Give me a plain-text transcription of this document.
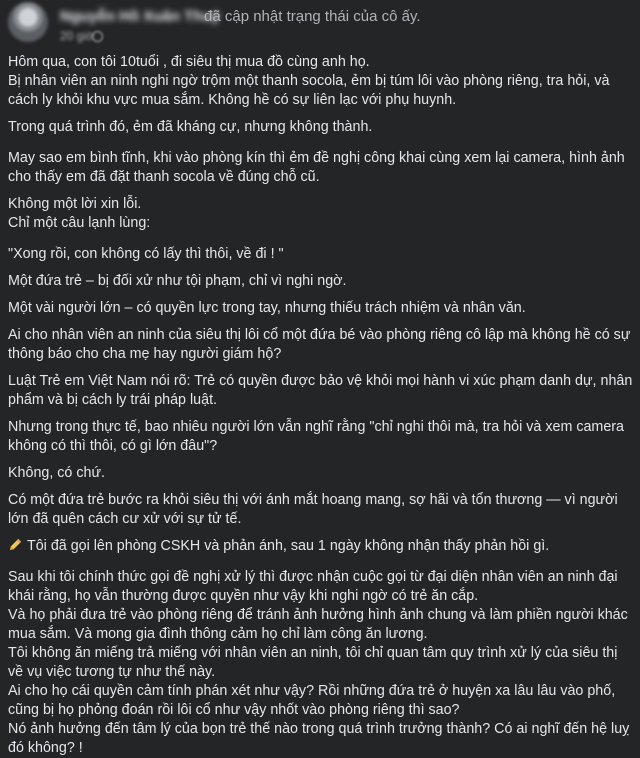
Nguyễn Hồ Xuân Thuý
đã cập nhật trạng thái của cô ấy.
20 giờ

Hôm qua, con tôi 10tuổi , đi siêu thị mua đồ cùng anh họ.

Bị nhân viên an ninh nghi ngờ trộm một thanh socola, ẻm bị túm lôi vào phòng riêng, tra hỏi, và cách ly khỏi khu vực mua sắm. Không hề có sự liên lạc với phụ huynh.

Trong quá trình đó, ẻm đã kháng cự, nhưng không thành.

May sao em bình tĩnh, khi vào phòng kín thì ẻm đề nghị công khai cùng xem lại camera, hình ảnh cho thấy em đã đặt thanh socola về đúng chỗ cũ.

Không một lời xin lỗi.

Chỉ một câu lạnh lùng:

"Xong rồi, con không có lấy thì thôi, về đi ! "

Một đứa trẻ – bị đối xử như tội phạm, chỉ vì nghi ngờ.

Một vài người lớn – có quyền lực trong tay, nhưng thiếu trách nhiệm và nhân văn.

Ai cho nhân viên an ninh của siêu thị lôi cổ một đứa bé vào phòng riêng cô lập mà không hề có sự thông báo cho cha mẹ hay người giám hộ?

Luật Trẻ em Việt Nam nói rõ: Trẻ có quyền được bảo vệ khỏi mọi hành vi xúc phạm danh dự, nhân phẩm và bị cách ly trái pháp luật.

Nhưng trong thực tế, bao nhiêu người lớn vẫn nghĩ rằng "chỉ nghi thôi mà, tra hỏi và xem camera không có thì thôi, có gì lớn đâu"?

Không, có chứ.

Có một đứa trẻ bước ra khỏi siêu thị với ánh mắt hoang mang, sợ hãi và tổn thương — vì người lớn đã quên cách cư xử với sự tử tế.

Tôi đã gọi lên phòng CSKH và phản ánh, sau 1 ngày không nhận thấy phản hồi gì.

Sau khi tôi chính thức gọi đề nghị xử lý thì được nhận cuộc gọi từ đại diện nhân viên an ninh đại khái rằng, họ vẫn thường được quyền như vậy khi nghi ngờ có trẻ ăn cắp.

Và họ phải đưa trẻ vào phòng riêng để tránh ảnh hưởng hình ảnh chung và làm phiền người khác mua sắm. Và mong gia đình thông cảm họ chỉ làm công ăn lương.

Tôi không ăn miếng trả miếng với nhân viên an ninh, tôi chỉ quan tâm quy trình xử lý của siêu thị về vụ việc tương tự như thế này.

Ai cho họ cái quyền cảm tính phán xét như vậy? Rồi những đứa trẻ ở huyện xa lâu lâu vào phố, cũng bị họ phỏng đoán rồi lôi cổ như vậy nhốt vào phòng riêng thì sao?

Nó ảnh hưởng đến tâm lý của bọn trẻ thế nào trong quá trình trưởng thành? Có ai nghĩ đến hệ luỵ đó không? !
